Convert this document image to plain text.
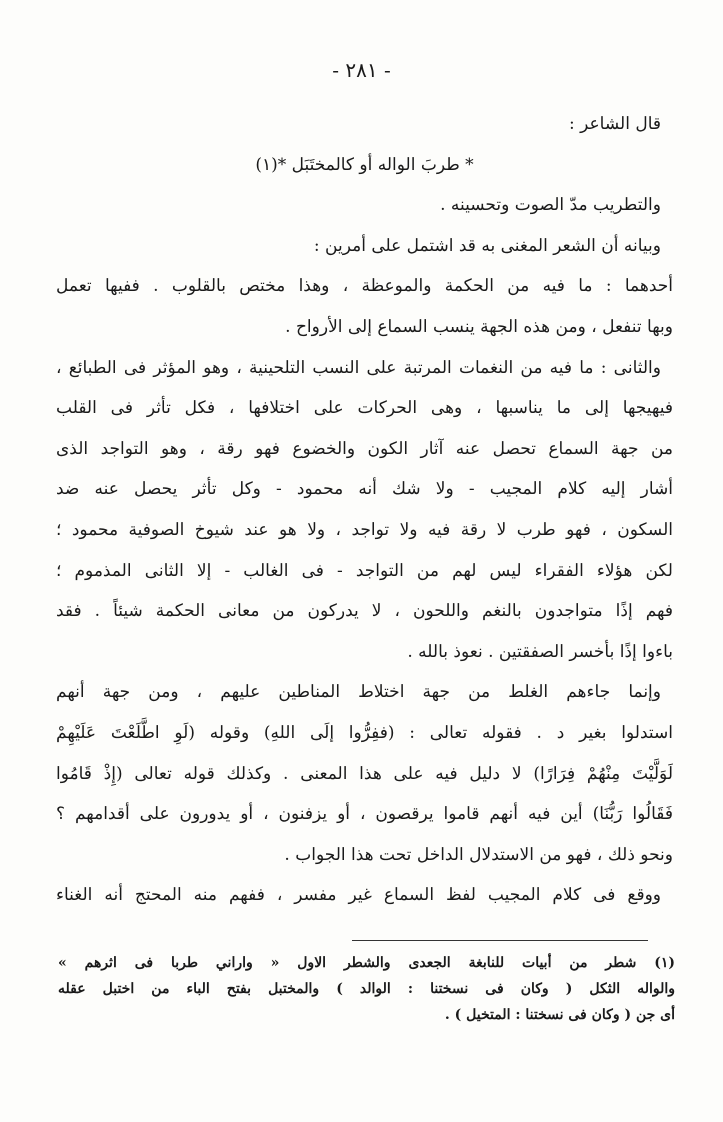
- ٢٨١ -
قال الشاعر :
* طربَ الواله أو كالمختَبَل *(١)
والتطريب مدّ الصوت وتحسينه .
وبيانه أن الشعر المغنى به قد اشتمل على أمرين :
أحدهما : ما فيه من الحكمة والموعظة ، وهذا مختص بالقلوب . ففيها تعمل
وبها تنفعل ، ومن هذه الجهة ينسب السماع إلى الأرواح .
والثانى : ما فيه من النغمات المرتبة على النسب التلحينية ، وهو المؤثر فى الطبائع ،
فيهيجها إلى ما يناسبها ، وهى الحركات على اختلافها ، فكل تأثر فى القلب
من جهة السماع تحصل عنه آثار الكون والخضوع فهو رقة ، وهو التواجد الذى
أشار إليه كلام المجيب - ولا شك أنه محمود - وكل تأثر يحصل عنه ضد
السكون ، فهو طرب لا رقة فيه ولا تواجد ، ولا هو عند شيوخ الصوفية محمود ؛
لكن هؤلاء الفقراء ليس لهم من التواجد - فى الغالب - إلا الثانى المذموم ؛
فهم إذًا متواجدون بالنغم واللحون ، لا يدركون من معانى الحكمة شيئاً . فقد
باءوا إذًا بأخسر الصفقتين . نعوذ بالله .
وإنما جاءهم الغلط من جهة اختلاط المناطين عليهم ، ومن جهة أنهم
استدلوا بغير د . فقوله تعالى : (ففِرُّوا إلَى اللهِ) وقوله (لَوِ اطَّلَعْتَ عَلَيْهِمْ
لَوَلَّيْتَ مِنْهُمْ فِرَارًا) لا دليل فيه على هذا المعنى . وكذلك قوله تعالى (إِذْ قَامُوا
فَقَالُوا رَبُّنَا) أين فيه أنهم قاموا يرقصون ، أو يزفنون ، أو يدورون على أقدامهم ؟
ونحو ذلك ، فهو من الاستدلال الداخل تحت هذا الجواب .
ووقع فى كلام المجيب لفظ السماع غير مفسر ، ففهم منه المحتج أنه الغناء
(١) شطر من أبيات للنابغة الجعدى والشطر الاول « واراني طربا فى اثرهم »
والواله الثكل ( وكان فى نسختنا : الوالد ) والمختبل بفتح الباء من اختبل عقله
أى جن ( وكان فى نسختنا : المتخيل ) .
